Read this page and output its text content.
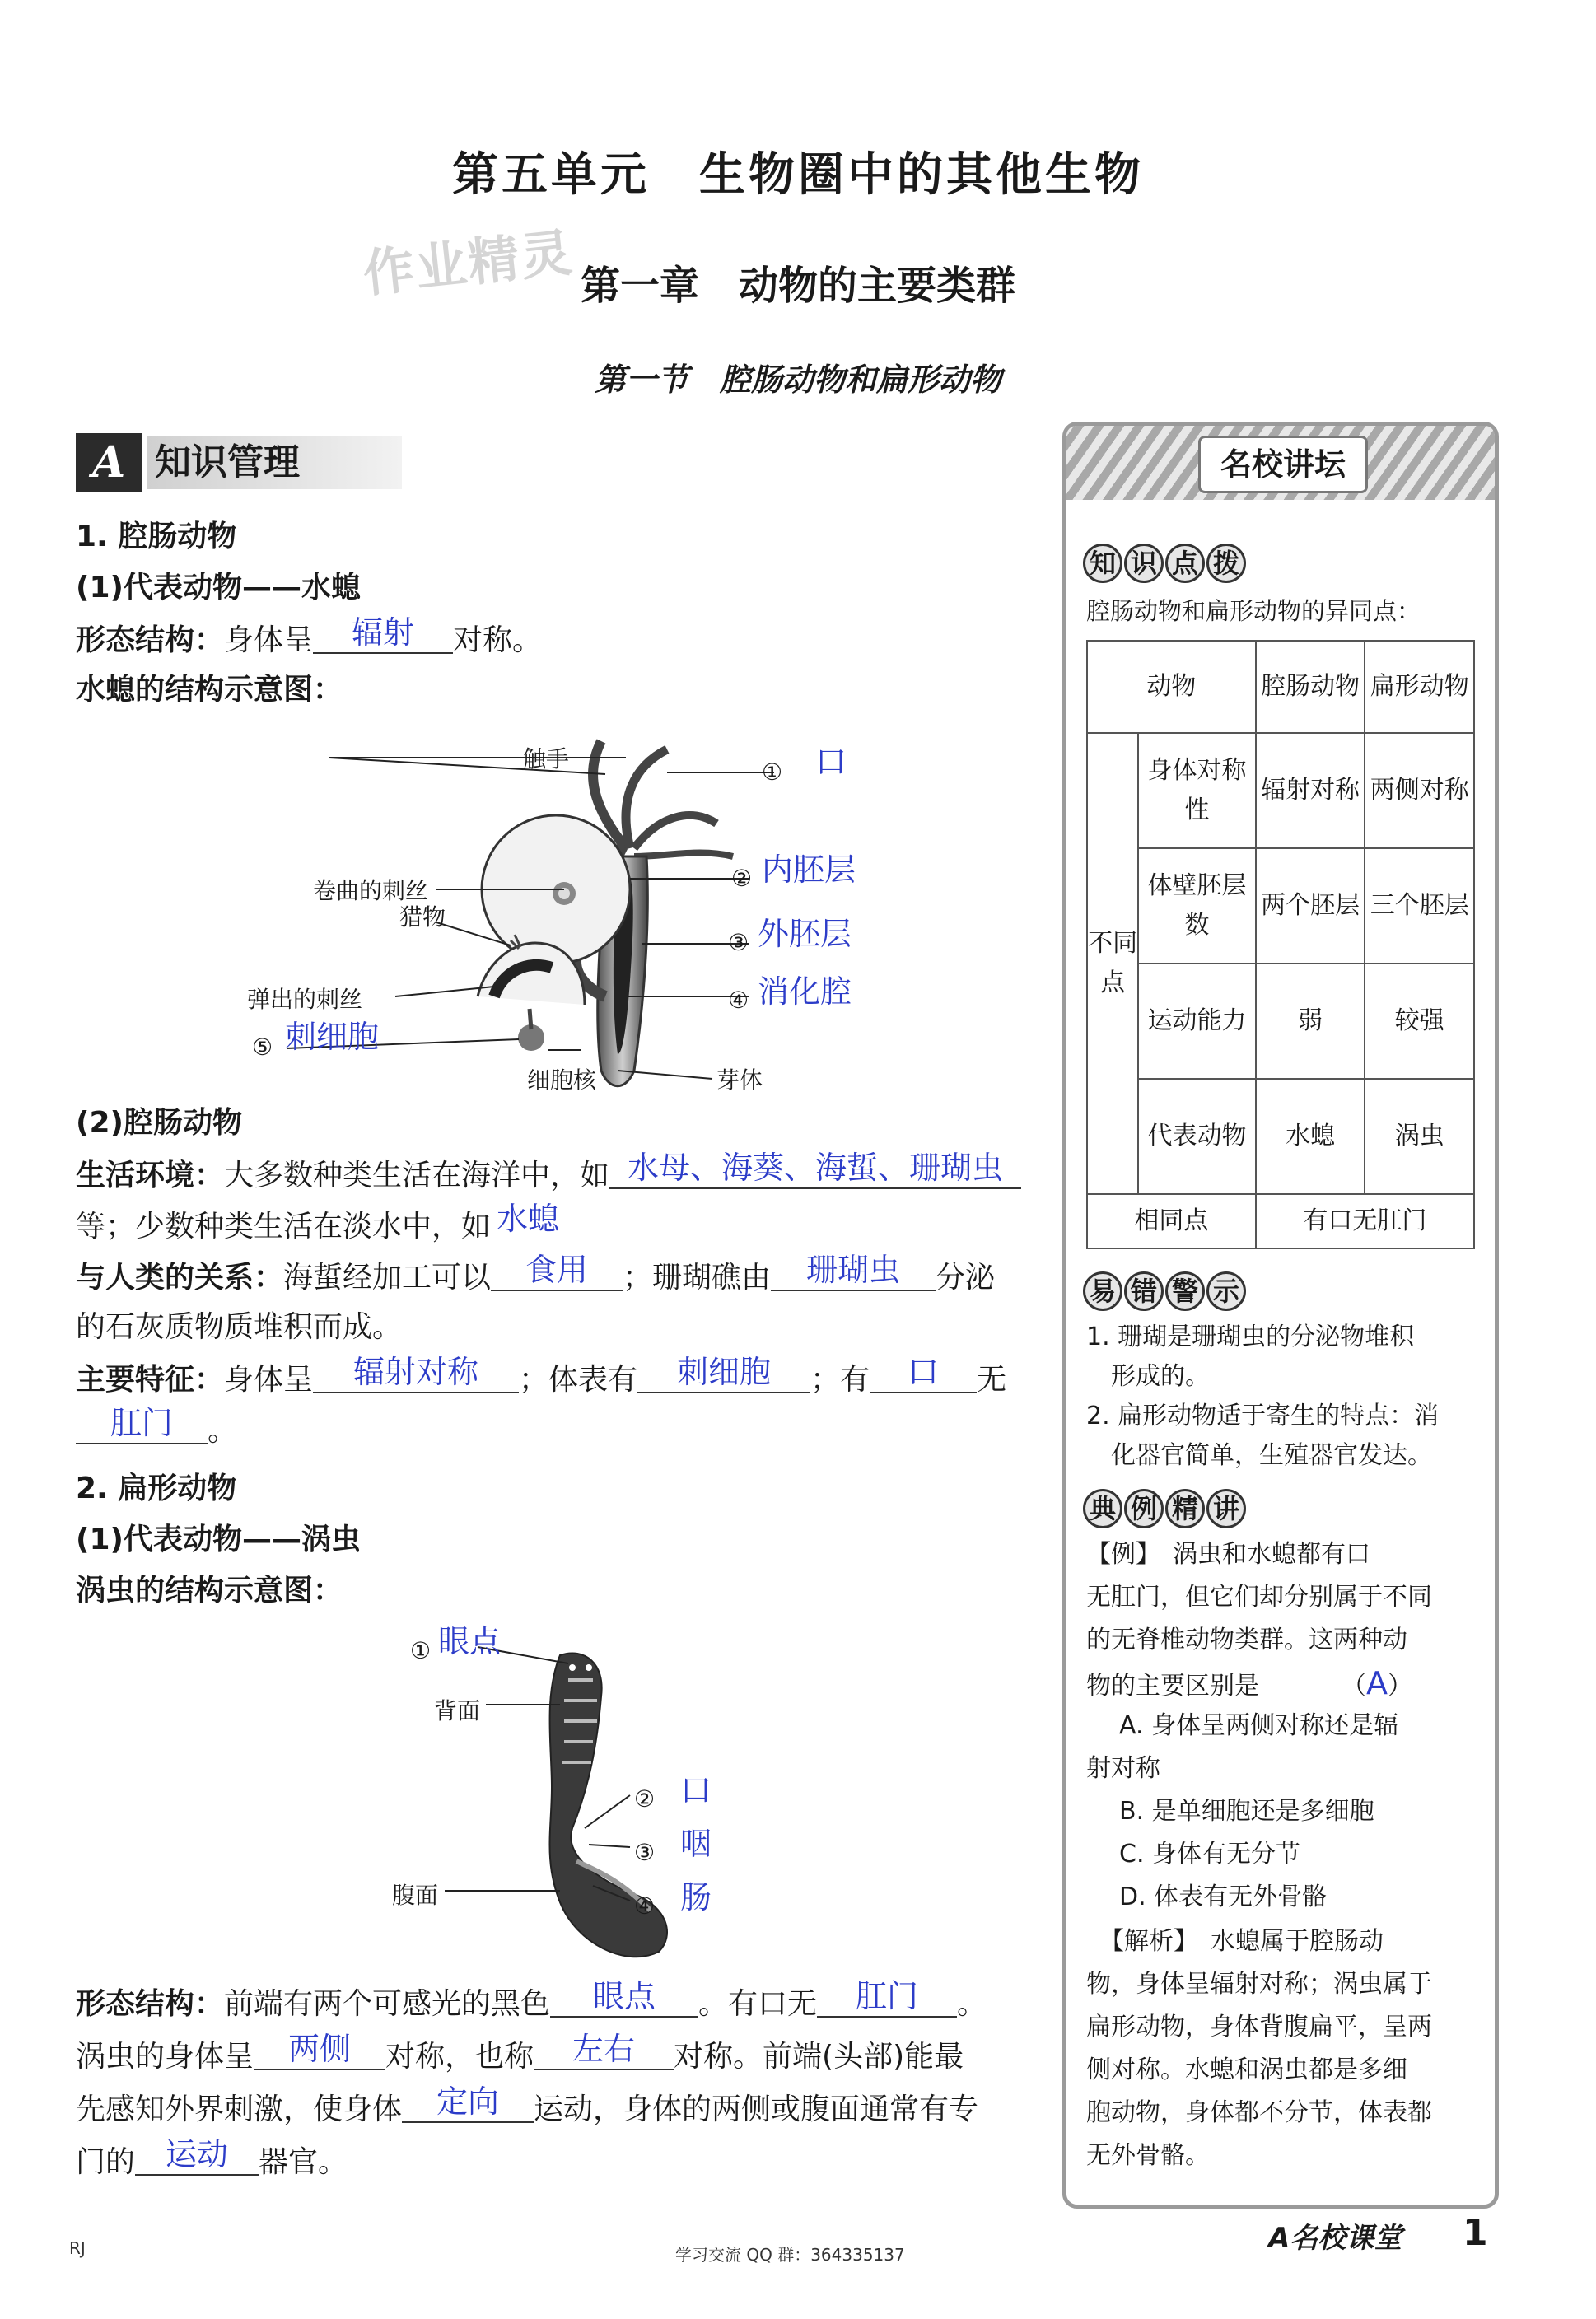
第五单元　生物圈中的其他生物
作业精灵 第一章　动物的主要类群
第一节　腔肠动物和扁形动物
A 知识管理
1. 腔肠动物
(1)代表动物——水螅
形态结构：身体呈 辐射 对称。
水螅的结构示意图：
触手	① 口
卷曲的刺丝
猎物
弹出的刺丝
⑤ 刺细胞
细胞核	芽体
② 内胚层
③ 外胚层
④ 消化腔
(2)腔肠动物
生活环境：大多数种类生活在海洋中，如 水母、海葵、海蜇、珊瑚虫
等；少数种类生活在淡水中，如 水螅
与人类的关系：海蜇经加工可以 食用 ；珊瑚礁由 珊瑚虫 分泌
的石灰质物质堆积而成。
主要特征：身体呈 辐射对称 ；体表有 刺细胞 ；有 口 无
肛门 。
2. 扁形动物
(1)代表动物——涡虫
涡虫的结构示意图：
① 眼点
背面
② 口
③ 咽
腹面	④ 肠
形态结构：前端有两个可感光的黑色 眼点 。有口无 肛门 。
涡虫的身体呈 两侧 对称，也称 左右 对称。前端(头部)能最
先感知外界刺激，使身体 定向 运动，身体的两侧或腹面通常有专
门的 运动 器官。
名校讲坛
知 识 点 拨
腔肠动物和扁形动物的异同点：
动物		腔肠动物	扁形动物
不同点	身体对称性	辐射对称	两侧对称
	体壁胚层数	两个胚层	三个胚层
	运动能力	弱	较强
	代表动物	水螅	涡虫
相同点		有口无肛门	
易 错 警 示
1. 珊瑚是珊瑚虫的分泌物堆积
　形成的。
2. 扁形动物适于寄生的特点：消
　化器官简单，生殖器官发达。
典 例 精 讲
【例】　涡虫和水螅都有口
无肛门，但它们却分别属于不同
的无脊椎动物类群。这两种动
物的主要区别是	（A）
A. 身体呈两侧对称还是辐
射对称
B. 是单细胞还是多细胞
C. 身体有无分节
D. 体表有无外骨骼
【解析】　水螅属于腔肠动
物，身体呈辐射对称；涡虫属于
扁形动物，身体背腹扁平，呈两
侧对称。水螅和涡虫都是多细
胞动物，身体都不分节，体表都
无外骨骼。
RJ	学习交流 QQ 群：364335137	A名校课堂 1
